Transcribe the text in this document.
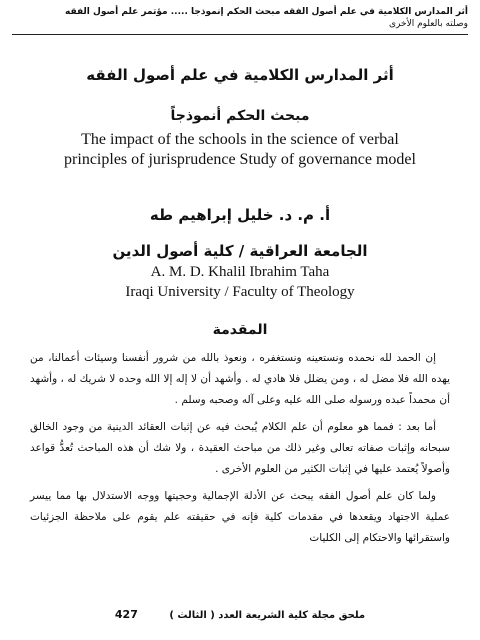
أثر المدارس الكلامية في علم أصول الفقه مبحث الحكم إنموذجا ..... مؤتمر علم أصول الفقه
وصلته بالعلوم الأخرى
أثر المدارس الكلامية في علم أصول الفقه
مبحث الحكم أنموذجاً
The impact of the schools in the science of verbal principles of jurisprudence Study of governance model
أ. م. د. خليل إبراهيم طه
الجامعة العراقية / كلية أصول الدين
A. M. D. Khalil Ibrahim Taha
Iraqi University / Faculty of Theology
المقدمة

إن الحمد لله نحمده ونستعينه ونستغفره ، ونعوذ بالله من شرور أنفسنا وسيئات أعمالنا، من يهده الله فلا مضل له ، ومن يضلل فلا هادي له . وأشهد أن لا إله إلا الله وحده لا شريك له ، وأشهد أن محمداً عبده ورسوله صلى الله عليه وعلى آله وصحبه وسلم .

أما بعد : فمما هو معلوم أن علم الكلام يُبحث فيه عن إثبات العقائد الدينية من وجود الخالق سبحانه وإثبات صفاته تعالى وغير ذلك من مباحث العقيدة ، ولا شك أن هذه المباحث تُعدُّ قواعد وأصولاً يُعتمد عليها في إثبات الكثير من العلوم الأخرى .

ولما كان علم أصول الفقه يبحث عن الأدلة الإجمالية وحجيتها ووجه الاستدلال بها مما ييسر عملية الاجتهاد ويقعدها في مقدمات كلية فإنه في حقيقته علم يقوم على ملاحظة الجزئيات واستقرائها والاحتكام إلى الكليات

427	ملحق مجلة كلية الشريعة العدد ( الثالث )
